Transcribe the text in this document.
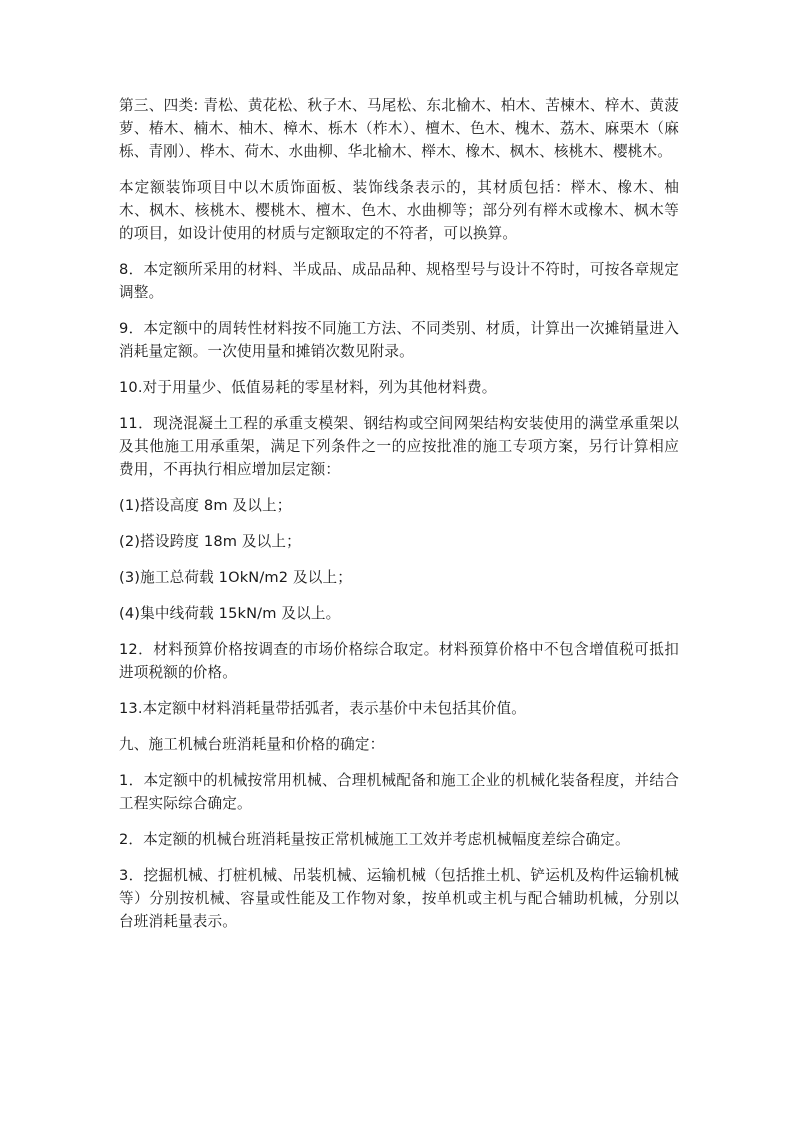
第三、四类: 青松、黄花松、秋子木、马尾松、东北榆木、柏木、苦楝木、梓木、黄菠萝、椿木、楠木、柚木、樟木、栎木（柞木）、檀木、色木、槐木、荔木、麻栗木（麻栎、青刚）、桦木、荷木、水曲柳、华北榆木、榉木、橡木、枫木、核桃木、樱桃木。

本定额装饰项目中以木质饰面板、装饰线条表示的，其材质包括：榉木、橡木、柚木、枫木、核桃木、樱桃木、檀木、色木、水曲柳等；部分列有榉木或橡木、枫木等的项目，如设计使用的材质与定额取定的不符者，可以换算。

8．本定额所采用的材料、半成品、成品品种、规格型号与设计不符时，可按各章规定调整。

9．本定额中的周转性材料按不同施工方法、不同类别、材质，计算出一次摊销量进入消耗量定额。一次使用量和摊销次数见附录。

10.对于用量少、低值易耗的零星材料，列为其他材料费。

11．现浇混凝土工程的承重支模架、钢结构或空间网架结构安装使用的满堂承重架以及其他施工用承重架，满足下列条件之一的应按批准的施工专项方案，另行计算相应费用，不再执行相应增加层定额：

(1)搭设高度 8m 及以上；

(2)搭设跨度 18m 及以上；

(3)施工总荷载 1OkN/m2 及以上；

(4)集中线荷载 15kN/m 及以上。

12．材料预算价格按调查的市场价格综合取定。材料预算价格中不包含增值税可抵扣进项税额的价格。

13.本定额中材料消耗量带括弧者，表示基价中未包括其价值。

九、施工机械台班消耗量和价格的确定：

1．本定额中的机械按常用机械、合理机械配备和施工企业的机械化装备程度，并结合工程实际综合确定。

2．本定额的机械台班消耗量按正常机械施工工效并考虑机械幅度差综合确定。

3．挖掘机械、打桩机械、吊装机械、运输机械（包括推土机、铲运机及构件运输机械等）分别按机械、容量或性能及工作物对象，按单机或主机与配合辅助机械，分别以台班消耗量表示。
